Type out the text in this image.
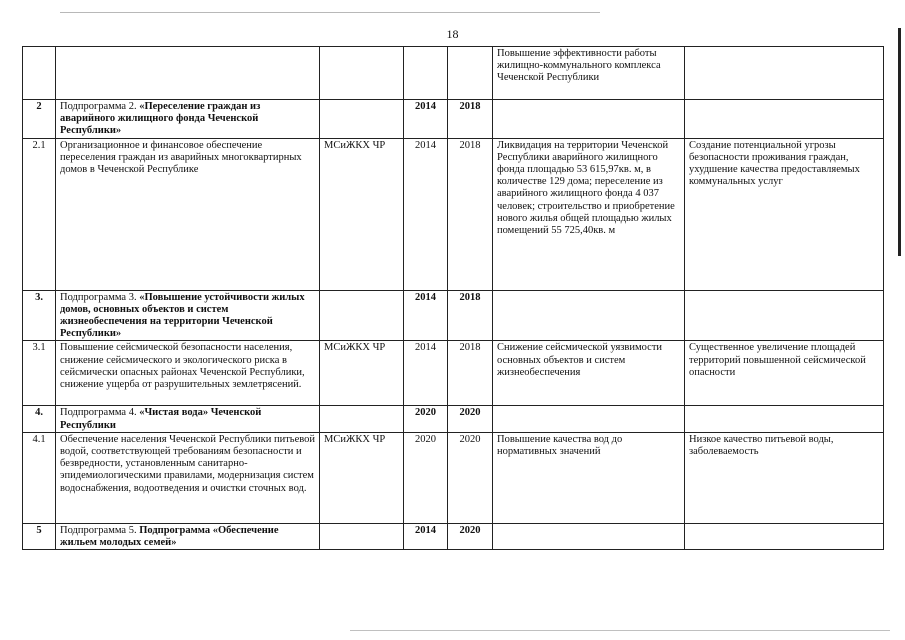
18
					Повышение эффективности работы жилищно-коммунального комплекса Чеченской Республики	
2	Подпрограмма 2. «Переселение граждан из аварийного жилищного фонда Чеченской Республики»		2014	2018		
2.1	Организационное и финансовое обеспечение переселения граждан из аварийных многоквартирных домов в Чеченской Республике	МСиЖКХ ЧР	2014	2018	Ликвидация на территории Чеченской Республики аварийного жилищного фонда площадью 53 615,97кв. м, в количестве 129 дома; переселение из аварийного жилищного фонда 4 037 человек; строительство и приобретение нового жилья общей площадью жилых помещений 55 725,40кв. м	Создание потенциальной угрозы безопасности проживания граждан, ухудшение качества предоставляемых коммунальных услуг
3.	Подпрограмма 3. «Повышение устойчивости жилых домов, основных объектов и систем жизнеобеспечения на территории Чеченской Республики»		2014	2018		
3.1	Повышение сейсмической безопасности населения, снижение сейсмического и экологического риска в сейсмически опасных районах Чеченской Республики, снижение ущерба от разрушительных землетрясений.	МСиЖКХ ЧР	2014	2018	Снижение сейсмической уязвимости основных объектов и систем жизнеобеспечения	Существенное увеличение площадей территорий повышенной сейсмической опасности
4.	Подпрограмма 4. «Чистая вода» Чеченской Республики		2020	2020		
4.1	Обеспечение населения Чеченской Республики питьевой водой, соответствующей требованиям безопасности и безвредности, установленным санитарно-эпидемиологическими правилами, модернизация систем водоснабжения, водоотведения и очистки сточных вод.	МСиЖКХ ЧР	2020	2020	Повышение качества вод до нормативных значений	Низкое качество питьевой воды, заболеваемость
5	Подпрограмма 5. Подпрограмма «Обеспечение жильем молодых семей»		2014	2020		
